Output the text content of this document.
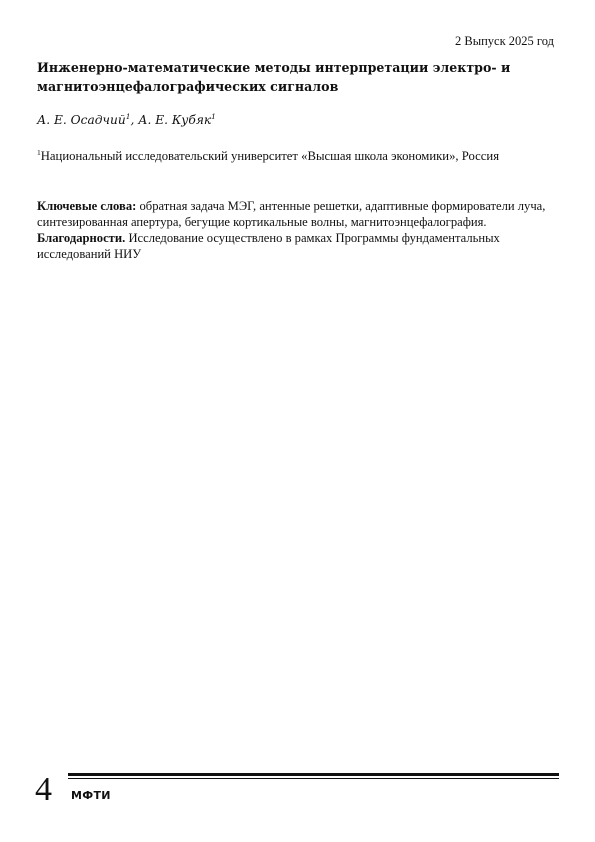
2 Выпуск 2025 год
Инженерно-математические методы интерпретации электро- и магнитоэнцефалографических сигналов
А. Е. Осадчий$^1$, А. Е. Кубяк$^1$
$^1$Национальный исследовательский университет «Высшая школа экономики», Россия

Ключевые слова: обратная задача МЭГ, антенные решетки, адаптивные формирователи луча, синтезированная апертура, бегущие кортикальные волны, магнитоэнцефалография.

Благодарности. Исследование осуществлено в рамках Программы фундаментальных исследований НИУ

4 МФТИ
